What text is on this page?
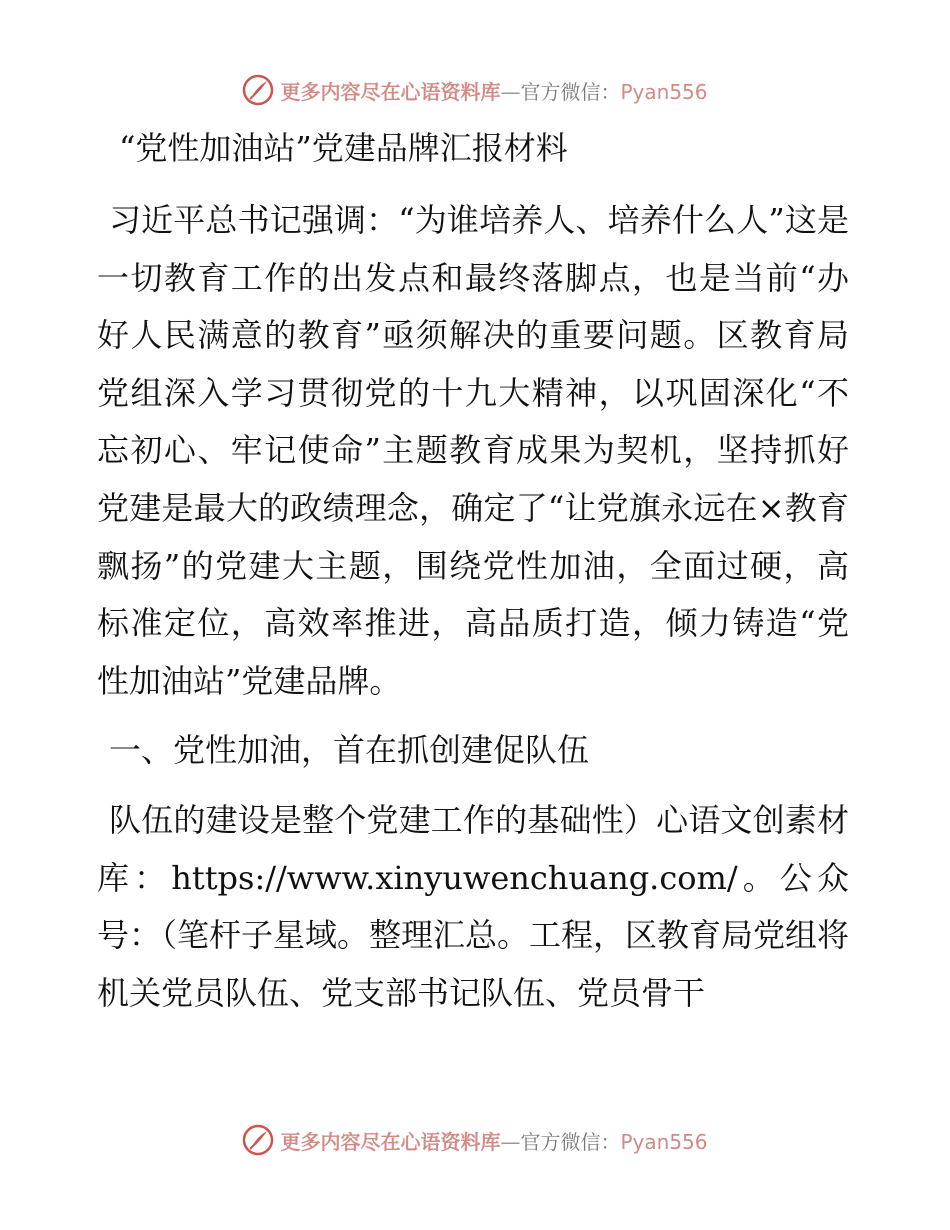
更多内容尽在心语资料库—官方微信：Pyan556
“党性加油站”党建品牌汇报材料

习近平总书记强调：“为谁培养人、培养什么人”这是一切教育工作的出发点和最终落脚点，也是当前“办好人民满意的教育”亟须解决的重要问题。区教育局党组深入学习贯彻党的十九大精神，以巩固深化“不忘初心、牢记使命”主题教育成果为契机，坚持抓好党建是最大的政绩理念，确定了“让党旗永远在×教育飘扬”的党建大主题，围绕党性加油，全面过硬，高标准定位，高效率推进，高品质打造，倾力铸造“党性加油站”党建品牌。

一、党性加油，首在抓创建促队伍

队伍的建设是整个党建工作的基础性）心语文创素材库：https://www.xinyuwenchuang.com/。公众号：（笔杆子星域。整理汇总。工程，区教育局党组将机关党员队伍、党支部书记队伍、党员骨干

更多内容尽在心语资料库—官方微信：Pyan556
